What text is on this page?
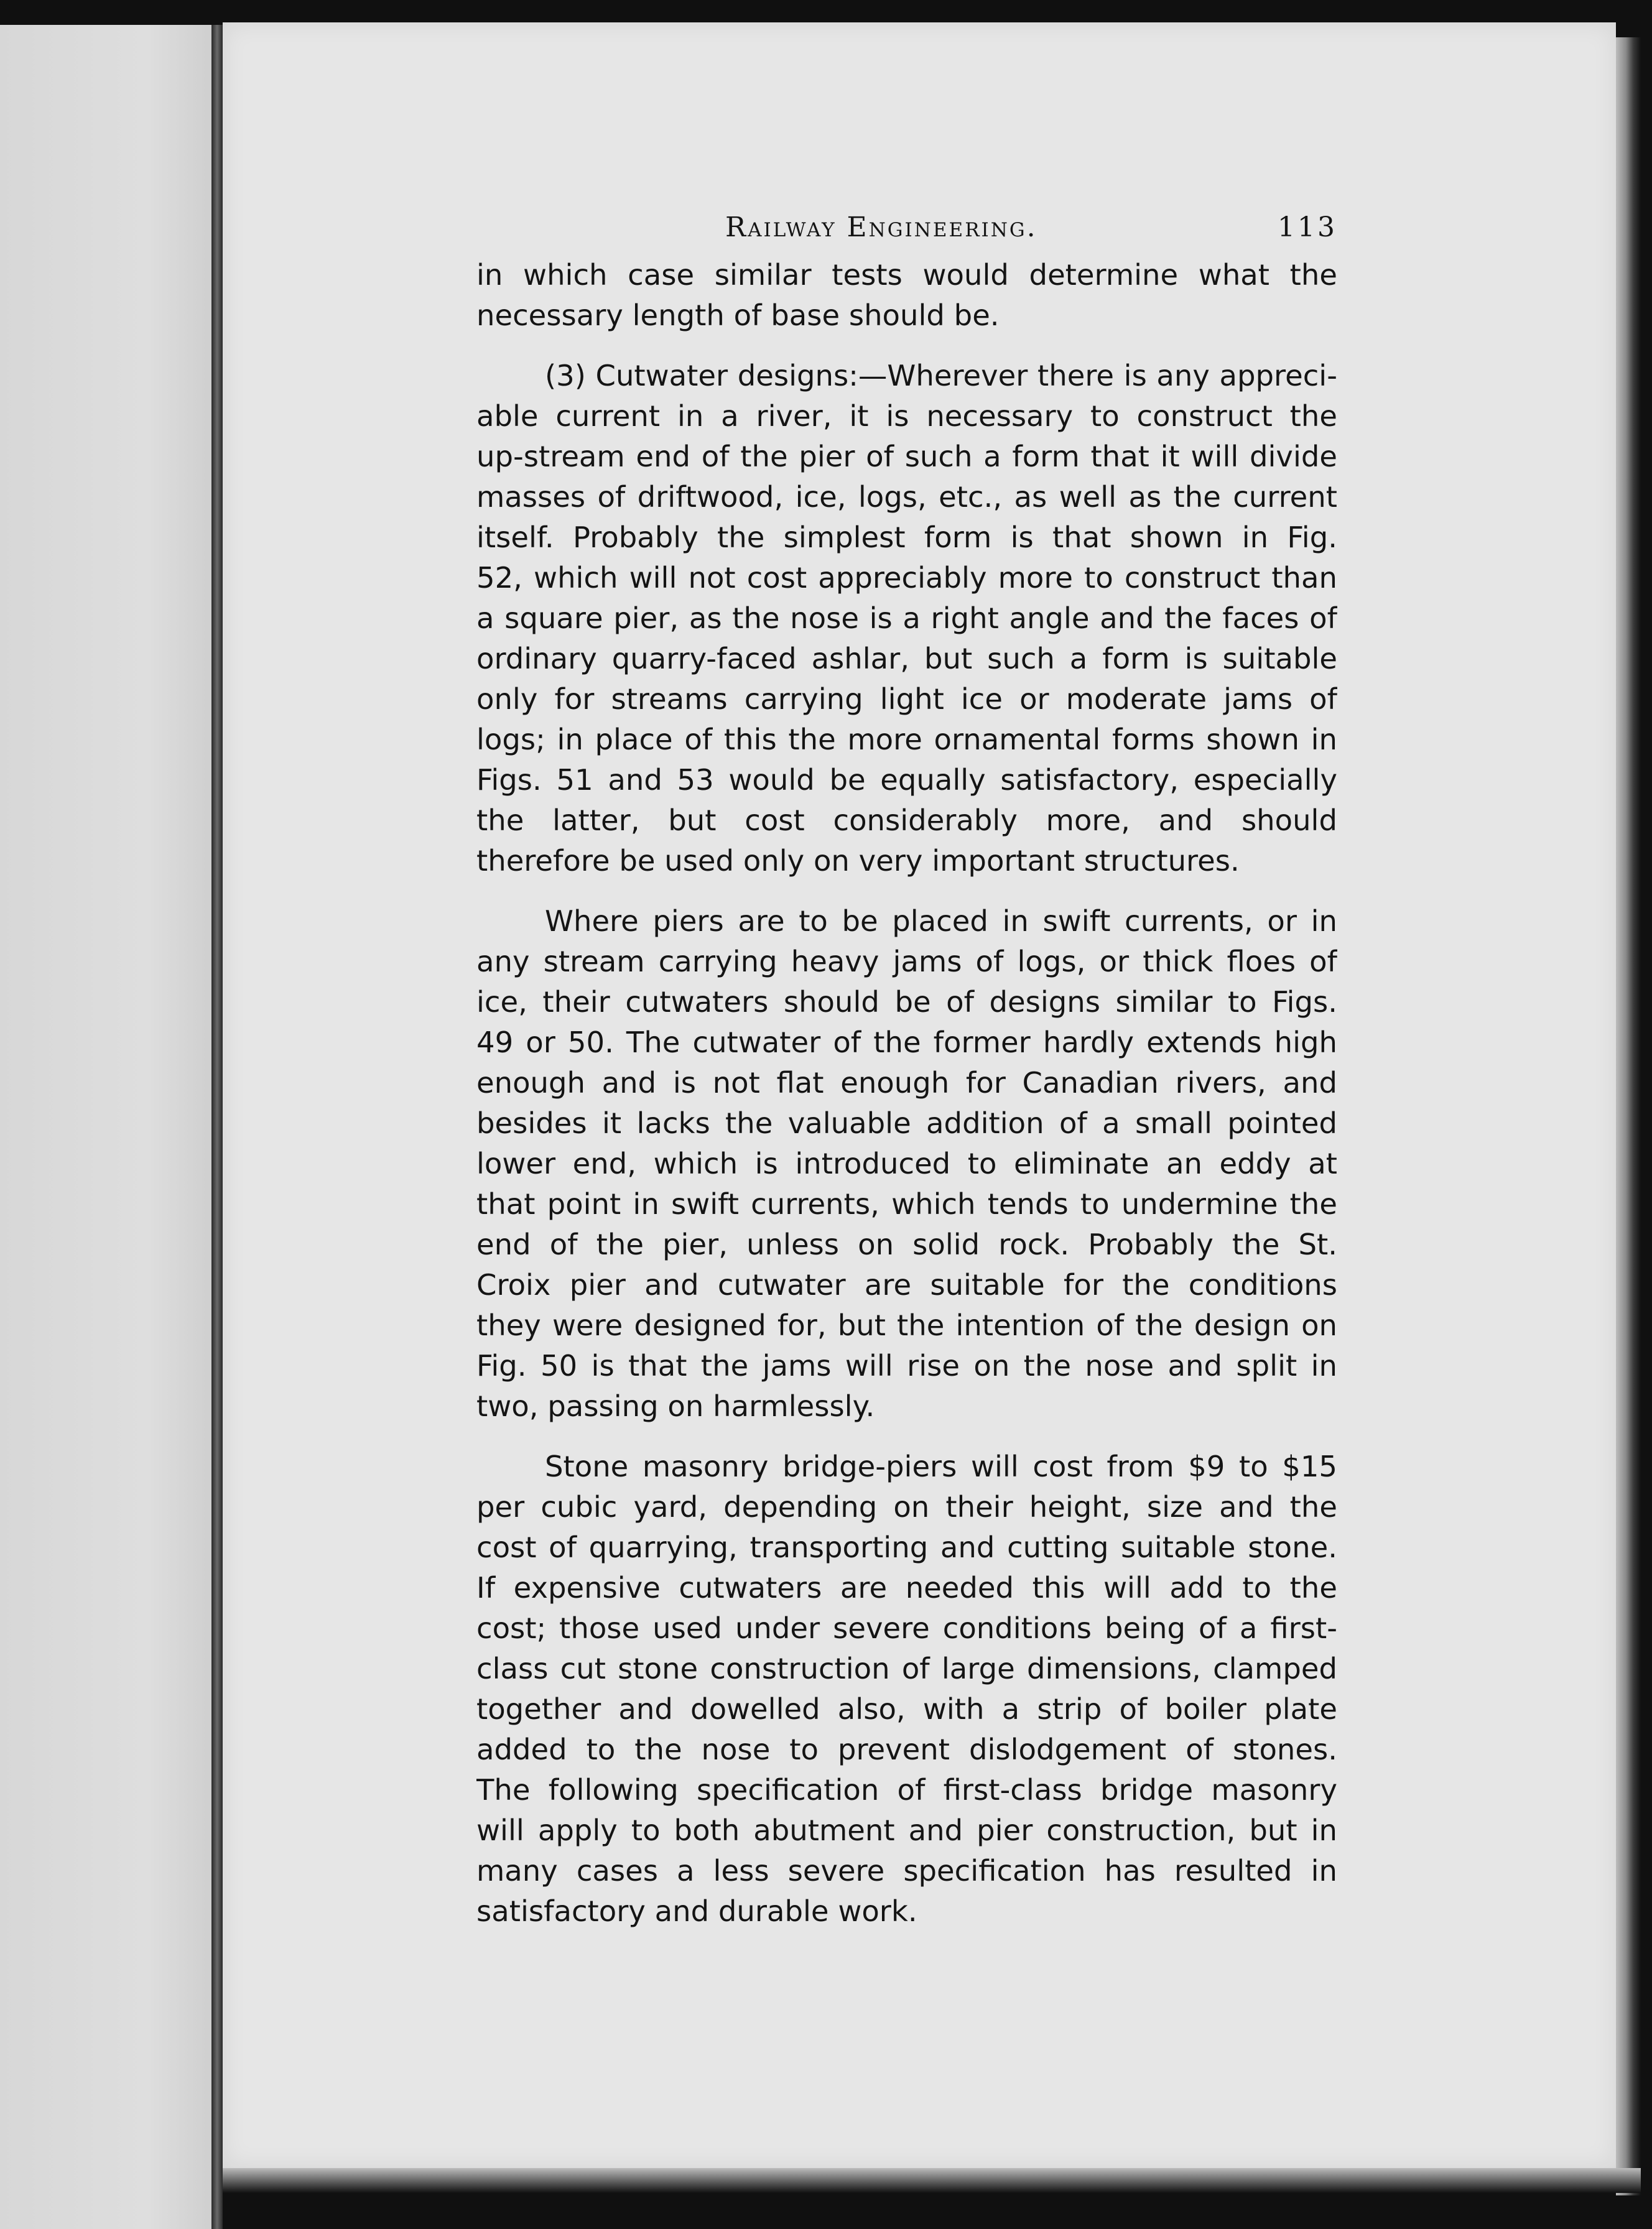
Railway Engineering.	113

in which case similar tests would determine what the
necessary length of base should be.

(3) Cutwater designs:—Wherever there is any appreci-
able current in a river, it is necessary to construct the
up-stream end of the pier of such a form that it will divide
masses of driftwood, ice, logs, etc., as well as the current
itself. Probably the simplest form is that shown in Fig.
52, which will not cost appreciably more to construct than
a square pier, as the nose is a right angle and the faces of
ordinary quarry-faced ashlar, but such a form is suitable
only for streams carrying light ice or moderate jams of
logs; in place of this the more ornamental forms shown in
Figs. 51 and 53 would be equally satisfactory, especially
the latter, but cost considerably more, and should
therefore be used only on very important structures.

Where piers are to be placed in swift currents, or in
any stream carrying heavy jams of logs, or thick floes of
ice, their cutwaters should be of designs similar to Figs.
49 or 50. The cutwater of the former hardly extends high
enough and is not flat enough for Canadian rivers, and
besides it lacks the valuable addition of a small pointed
lower end, which is introduced to eliminate an eddy at
that point in swift currents, which tends to undermine the
end of the pier, unless on solid rock. Probably the St.
Croix pier and cutwater are suitable for the conditions
they were designed for, but the intention of the design on
Fig. 50 is that the jams will rise on the nose and split in
two, passing on harmlessly.

Stone masonry bridge-piers will cost from $9 to $15
per cubic yard, depending on their height, size and the
cost of quarrying, transporting and cutting suitable stone.
If expensive cutwaters are needed this will add to the
cost; those used under severe conditions being of a first-
class cut stone construction of large dimensions, clamped
together and dowelled also, with a strip of boiler plate
added to the nose to prevent dislodgement of stones.
The following specification of first-class bridge masonry
will apply to both abutment and pier construction, but in
many cases a less severe specification has resulted in
satisfactory and durable work.
